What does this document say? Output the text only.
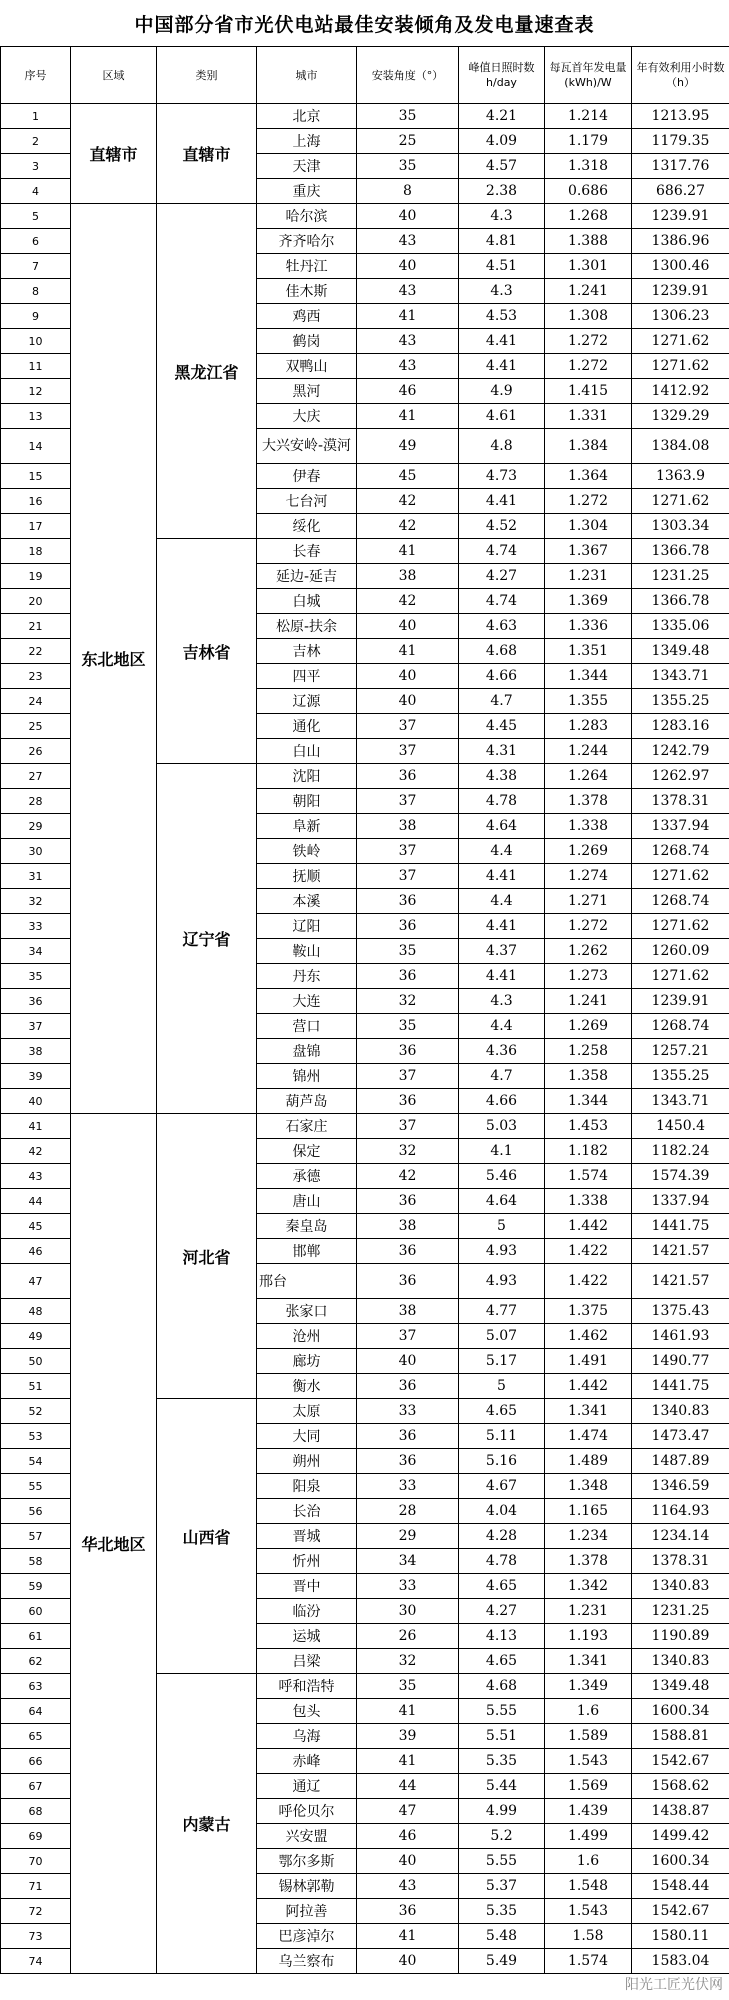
中国部分省市光伏电站最佳安装倾角及发电量速查表
序号	区域	类别	城市	安装角度（°）	峰值日照时数h/day	每瓦首年发电量(kWh)/W	年有效利用小时数（h）
1	直辖市	直辖市	北京	35	4.21	1.214	1213.95
2			上海	25	4.09	1.179	1179.35
3			天津	35	4.57	1.318	1317.76
4			重庆	8	2.38	0.686	686.27
5	东北地区	黑龙江省	哈尔滨	40	4.3	1.268	1239.91
6			齐齐哈尔	43	4.81	1.388	1386.96
7			牡丹江	40	4.51	1.301	1300.46
8			佳木斯	43	4.3	1.241	1239.91
9			鸡西	41	4.53	1.308	1306.23
10			鹤岗	43	4.41	1.272	1271.62
11			双鸭山	43	4.41	1.272	1271.62
12			黑河	46	4.9	1.415	1412.92
13			大庆	41	4.61	1.331	1329.29
14			大兴安岭-漠河	49	4.8	1.384	1384.08
15			伊春	45	4.73	1.364	1363.9
16			七台河	42	4.41	1.272	1271.62
17			绥化	42	4.52	1.304	1303.34
18		吉林省	长春	41	4.74	1.367	1366.78
19			延边-延吉	38	4.27	1.231	1231.25
20			白城	42	4.74	1.369	1366.78
21			松原-扶余	40	4.63	1.336	1335.06
22			吉林	41	4.68	1.351	1349.48
23			四平	40	4.66	1.344	1343.71
24			辽源	40	4.7	1.355	1355.25
25			通化	37	4.45	1.283	1283.16
26			白山	37	4.31	1.244	1242.79
27		辽宁省	沈阳	36	4.38	1.264	1262.97
28			朝阳	37	4.78	1.378	1378.31
29			阜新	38	4.64	1.338	1337.94
30			铁岭	37	4.4	1.269	1268.74
31			抚顺	37	4.41	1.274	1271.62
32			本溪	36	4.4	1.271	1268.74
33			辽阳	36	4.41	1.272	1271.62
34			鞍山	35	4.37	1.262	1260.09
35			丹东	36	4.41	1.273	1271.62
36			大连	32	4.3	1.241	1239.91
37			营口	35	4.4	1.269	1268.74
38			盘锦	36	4.36	1.258	1257.21
39			锦州	37	4.7	1.358	1355.25
40			葫芦岛	36	4.66	1.344	1343.71
41	华北地区	河北省	石家庄	37	5.03	1.453	1450.4
42			保定	32	4.1	1.182	1182.24
43			承德	42	5.46	1.574	1574.39
44			唐山	36	4.64	1.338	1337.94
45			秦皇岛	38	5	1.442	1441.75
46			邯郸	36	4.93	1.422	1421.57
47			邢台	36	4.93	1.422	1421.57
48			张家口	38	4.77	1.375	1375.43
49			沧州	37	5.07	1.462	1461.93
50			廊坊	40	5.17	1.491	1490.77
51			衡水	36	5	1.442	1441.75
52		山西省	太原	33	4.65	1.341	1340.83
53			大同	36	5.11	1.474	1473.47
54			朔州	36	5.16	1.489	1487.89
55			阳泉	33	4.67	1.348	1346.59
56			长治	28	4.04	1.165	1164.93
57			晋城	29	4.28	1.234	1234.14
58			忻州	34	4.78	1.378	1378.31
59			晋中	33	4.65	1.342	1340.83
60			临汾	30	4.27	1.231	1231.25
61			运城	26	4.13	1.193	1190.89
62			吕梁	32	4.65	1.341	1340.83
63		内蒙古	呼和浩特	35	4.68	1.349	1349.48
64			包头	41	5.55	1.6	1600.34
65			乌海	39	5.51	1.589	1588.81
66			赤峰	41	5.35	1.543	1542.67
67			通辽	44	5.44	1.569	1568.62
68			呼伦贝尔	47	4.99	1.439	1438.87
69			兴安盟	46	5.2	1.499	1499.42
70			鄂尔多斯	40	5.55	1.6	1600.34
71			锡林郭勒	43	5.37	1.548	1548.44
72			阿拉善	36	5.35	1.543	1542.67
73			巴彦淖尔	41	5.48	1.58	1580.11
74			乌兰察布	40	5.49	1.574	1583.04
阳光工匠光伏网
